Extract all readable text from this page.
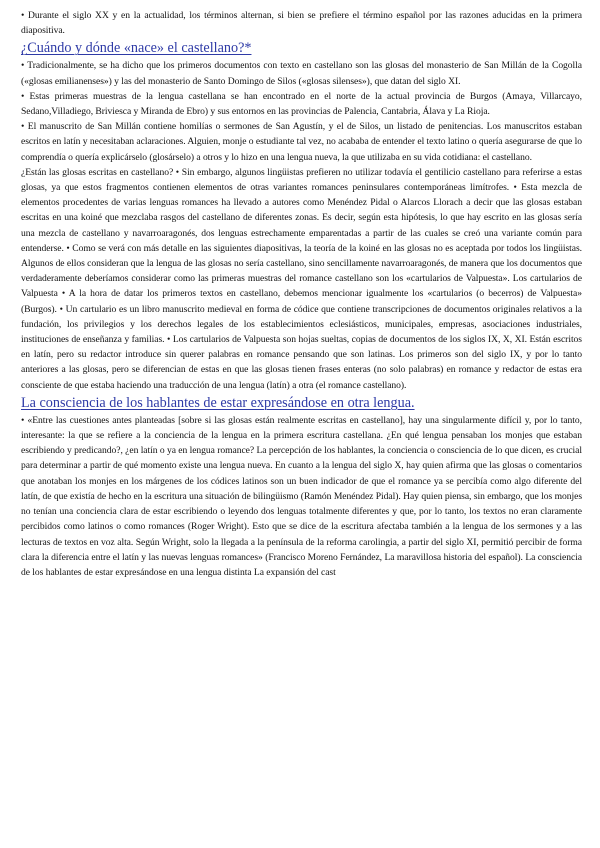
• Durante el siglo XX y en la actualidad, los términos alternan, si bien se prefiere el término español por las razones aducidas en la primera diapositiva.

¿Cuándo y dónde «nace» el castellano?*

• Tradicionalmente, se ha dicho que los primeros documentos con texto en castellano son las glosas del monasterio de San Millán de la Cogolla («glosas emilianenses») y las del monasterio de Santo Domingo de Silos («glosas silenses»), que datan del siglo XI.

• Estas primeras muestras de la lengua castellana se han encontrado en el norte de la actual provincia de Burgos (Amaya, Villarcayo, Sedano,Villadiego, Briviesca y Miranda de Ebro) y sus entornos en las provincias de Palencia, Cantabria, Álava y La Rioja.

• El manuscrito de San Millán contiene homilías o sermones de San Agustín, y el de Silos, un listado de penitencias. Los manuscritos estaban escritos en latín y necesitaban aclaraciones. Alguien, monje o estudiante tal vez, no acababa de entender el texto latino o quería asegurarse de que lo comprendía o quería explicárselo (glosárselo) a otros y lo hizo en una lengua nueva, la que utilizaba en su vida cotidiana: el castellano.

¿Están las glosas escritas en castellano? • Sin embargo, algunos lingüistas prefieren no utilizar todavía el gentilicio castellano para referirse a estas glosas, ya que estos fragmentos contienen elementos de otras variantes romances peninsulares contemporáneas limítrofes. • Esta mezcla de elementos procedentes de varias lenguas romances ha llevado a autores como Menéndez Pidal o Alarcos Llorach a decir que las glosas estaban escritas en una koiné que mezclaba rasgos del castellano de diferentes zonas. Es decir, según esta hipótesis, lo que hay escrito en las glosas sería una mezcla de castellano y navarroaragonés, dos lenguas estrechamente emparentadas a partir de las cuales se creó una variante común para entenderse. • Como se verá con más detalle en las siguientes diapositivas, la teoría de la koiné en las glosas no es aceptada por todos los lingüistas. Algunos de ellos consideran que la lengua de las glosas no sería castellano, sino sencillamente navarroaragonés, de manera que los documentos que verdaderamente deberíamos considerar como las primeras muestras del romance castellano son los «cartularios de Valpuesta». Los cartularios de Valpuesta • A la hora de datar los primeros textos en castellano, debemos mencionar igualmente los «cartularios (o becerros) de Valpuesta» (Burgos). • Un cartulario es un libro manuscrito medieval en forma de códice que contiene transcripciones de documentos originales relativos a la fundación, los privilegios y los derechos legales de los establecimientos eclesiásticos, municipales, empresas, asociaciones industriales, instituciones de enseñanza y familias. • Los cartularios de Valpuesta son hojas sueltas, copias de documentos de los siglos IX, X, XI. Están escritos en latín, pero su redactor introduce sin querer palabras en romance pensando que son latinas. Los primeros son del siglo IX, y por lo tanto anteriores a las glosas, pero se diferencian de estas en que las glosas tienen frases enteras (no solo palabras) en romance y redactor de estas era consciente de que estaba haciendo una traducción de una lengua (latín) a otra (el romance castellano).

La consciencia de los hablantes de estar expresándose en otra lengua.

• «Entre las cuestiones antes planteadas [sobre si las glosas están realmente escritas en castellano], hay una singularmente difícil y, por lo tanto, interesante: la que se refiere a la conciencia de la lengua en la primera escritura castellana. ¿En qué lengua pensaban los monjes que estaban escribiendo y predicando?, ¿en latín o ya en lengua romance? La percepción de los hablantes, la conciencia o consciencia de lo que dicen, es crucial para determinar a partir de qué momento existe una lengua nueva. En cuanto a la lengua del siglo X, hay quien afirma que las glosas o comentarios que anotaban los monjes en los márgenes de los códices latinos son un buen indicador de que el romance ya se percibía como algo diferente del latín, de que existía de hecho en la escritura una situación de bilingüismo (Ramón Menéndez Pidal). Hay quien piensa, sin embargo, que los monjes no tenían una conciencia clara de estar escribiendo o leyendo dos lenguas totalmente diferentes y que, por lo tanto, los textos no eran claramente percibidos como latinos o como romances (Roger Wright). Esto que se dice de la escritura afectaba también a la lengua de los sermones y a las lecturas de textos en voz alta. Según Wright, solo la llegada a la península de la reforma carolingia, a partir del siglo XI, permitió percibir de forma clara la diferencia entre el latín y las nuevas lenguas romances» (Francisco Moreno Fernández, La maravillosa historia del español). La consciencia de los hablantes de estar expresándose en una lengua distinta La expansión del cast
